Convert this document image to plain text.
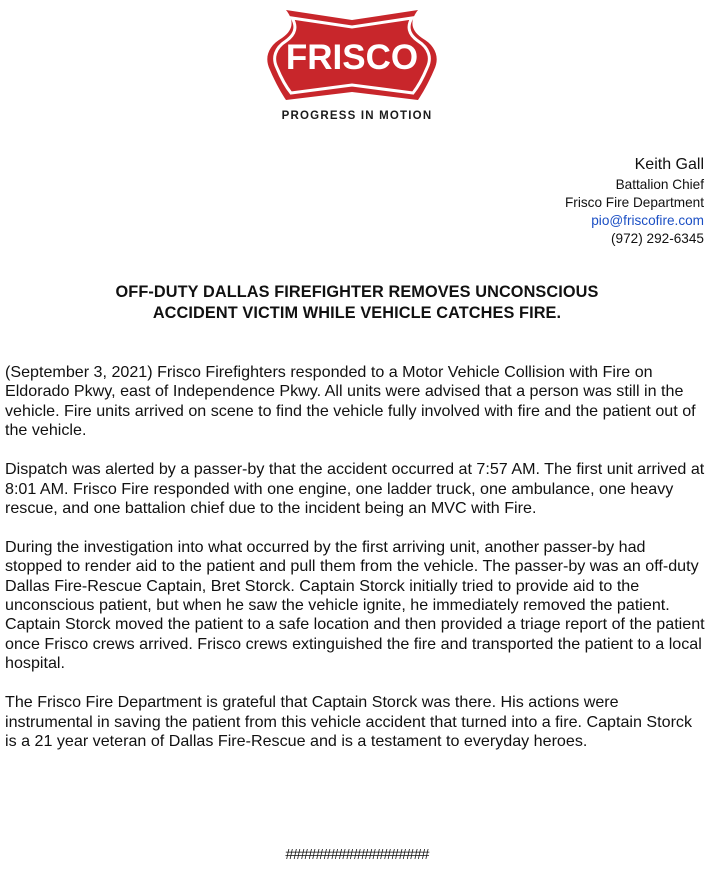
FRISCO
PROGRESS IN MOTION
Keith Gall
Battalion Chief
Frisco Fire Department
pio@friscofire.com
(972) 292-6345
OFF-DUTY DALLAS FIREFIGHTER REMOVES UNCONSCIOUS
ACCIDENT VICTIM WHILE VEHICLE CATCHES FIRE.

(September 3, 2021) Frisco Firefighters responded to a Motor Vehicle Collision with Fire on Eldorado Pkwy, east of Independence Pkwy. All units were advised that a person was still in the vehicle. Fire units arrived on scene to find the vehicle fully involved with fire and the patient out of the vehicle.

Dispatch was alerted by a passer-by that the accident occurred at 7:57 AM. The first unit arrived at 8:01 AM. Frisco Fire responded with one engine, one ladder truck, one ambulance, one heavy rescue, and one battalion chief due to the incident being an MVC with Fire.

During the investigation into what occurred by the first arriving unit, another passer-by had stopped to render aid to the patient and pull them from the vehicle. The passer-by was an off-duty Dallas Fire-Rescue Captain, Bret Storck. Captain Storck initially tried to provide aid to the unconscious patient, but when he saw the vehicle ignite, he immediately removed the patient. Captain Storck moved the patient to a safe location and then provided a triage report of the patient once Frisco crews arrived. Frisco crews extinguished the fire and transported the patient to a local hospital.

The Frisco Fire Department is grateful that Captain Storck was there. His actions were instrumental in saving the patient from this vehicle accident that turned into a fire. Captain Storck is a 21 year veteran of Dallas Fire-Rescue and is a testament to everyday heroes.

###################
